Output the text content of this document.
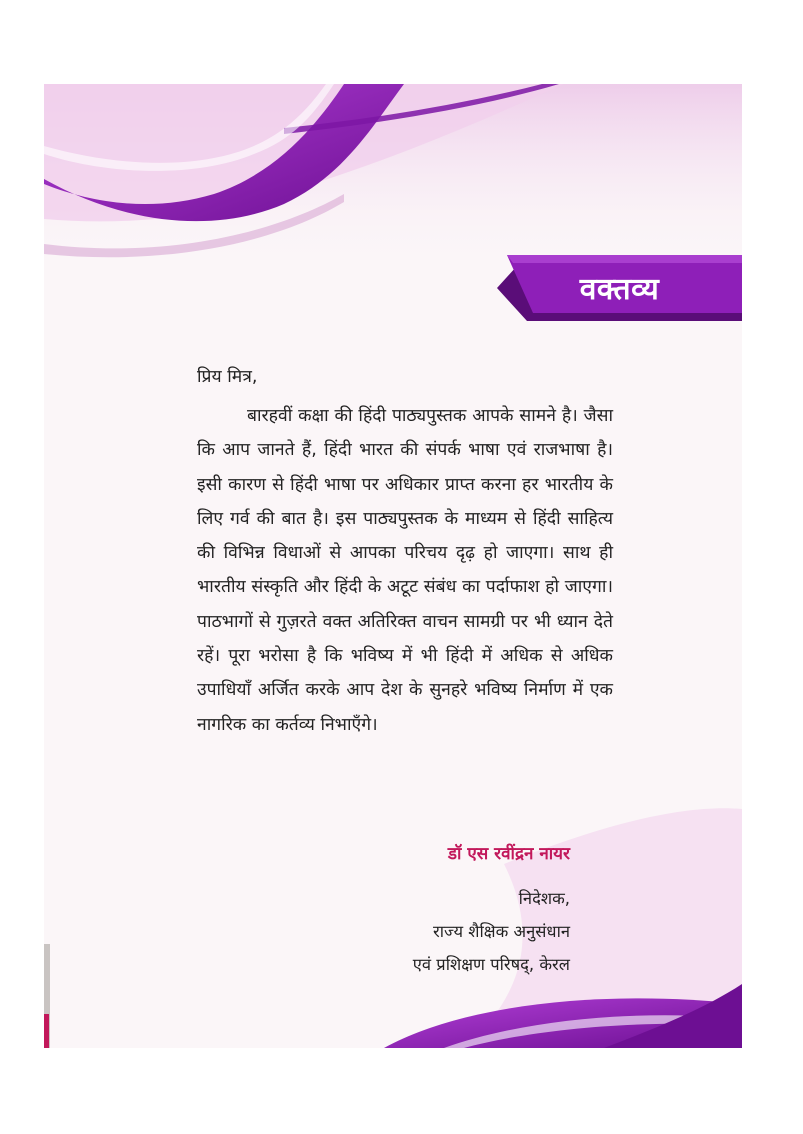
वक्तव्य

प्रिय मित्र,

बारहवीं कक्षा की हिंदी पाठ्यपुस्तक आपके सामने है। जैसा कि आप जानते हैं, हिंदी भारत की संपर्क भाषा एवं राजभाषा है। इसी कारण से हिंदी भाषा पर अधिकार प्राप्त करना हर भारतीय के लिए गर्व की बात है। इस पाठ्यपुस्तक के माध्यम से हिंदी साहित्य की विभिन्न विधाओं से आपका परिचय दृढ़ हो जाएगा। साथ ही भारतीय संस्कृति और हिंदी के अटूट संबंध का पर्दाफाश हो जाएगा। पाठभागों से गुज़रते वक्त अतिरिक्त वाचन सामग्री पर भी ध्यान देते रहें। पूरा भरोसा है कि भविष्य में भी हिंदी में अधिक से अधिक उपाधियाँ अर्जित करके आप देश के सुनहरे भविष्य निर्माण में एक नागरिक का कर्तव्य निभाएँगे।

डॉ एस रवींद्रन नायर

निदेशक,

राज्य शैक्षिक अनुसंधान

एवं प्रशिक्षण परिषद्, केरल
